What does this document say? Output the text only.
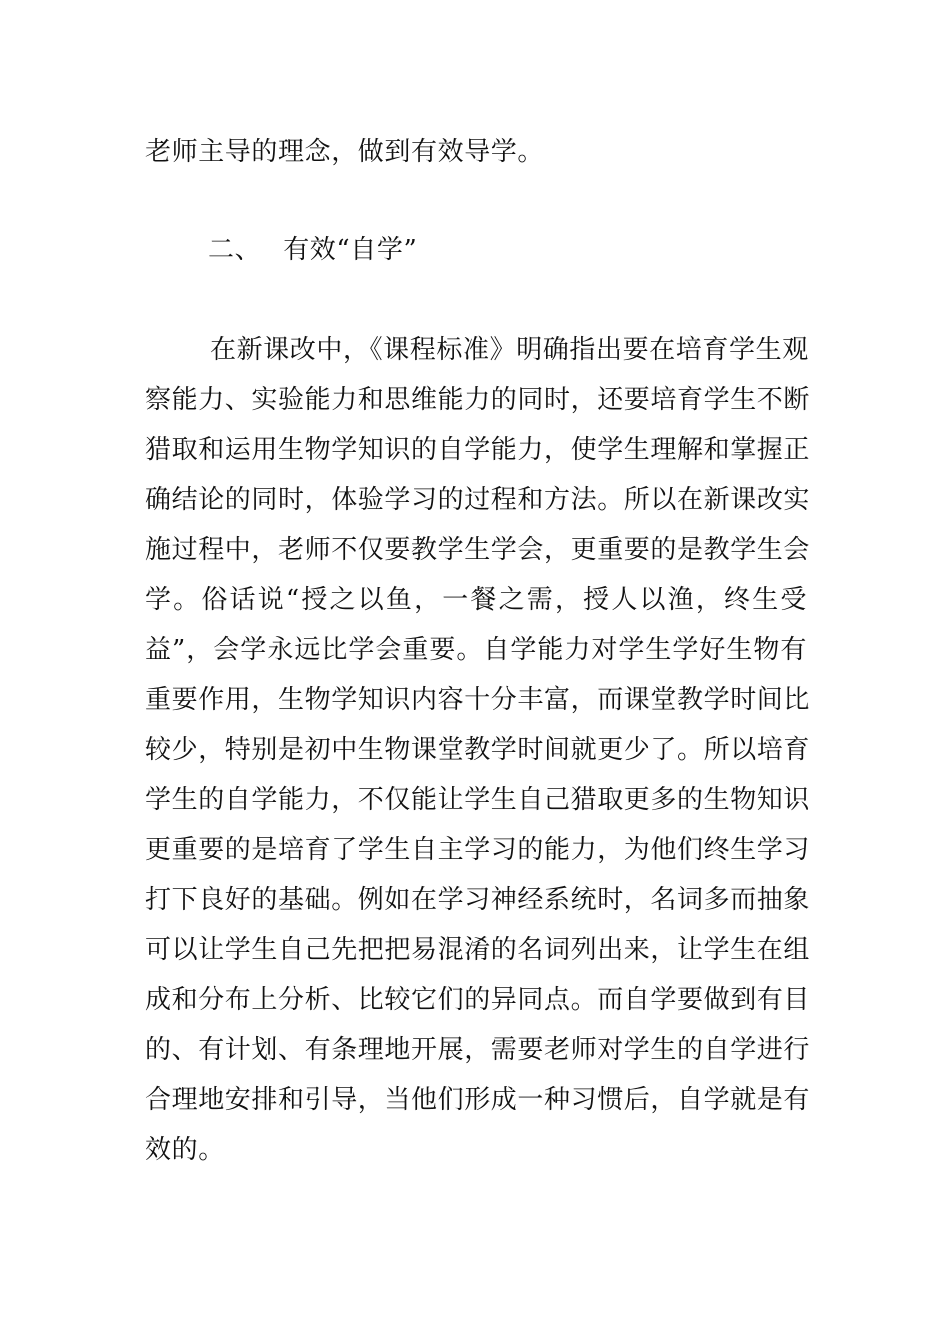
老师主导的理念，做到有效导学。
二、 有效“自学”
在新课改中，《课程标准》明确指出要在培育学生观
察能力、实验能力和思维能力的同时，还要培育学生不断
猎取和运用生物学知识的自学能力，使学生理解和掌握正
确结论的同时，体验学习的过程和方法。所以在新课改实
施过程中，老师不仅要教学生学会，更重要的是教学生会
学。俗话说“授之以鱼，一餐之需，授人以渔，终生受
益”，会学永远比学会重要。自学能力对学生学好生物有
重要作用，生物学知识内容十分丰富，而课堂教学时间比
较少，特别是初中生物课堂教学时间就更少了。所以培育
学生的自学能力，不仅能让学生自己猎取更多的生物知识
更重要的是培育了学生自主学习的能力，为他们终生学习
打下良好的基础。例如在学习神经系统时，名词多而抽象
可以让学生自己先把把易混淆的名词列出来，让学生在组
成和分布上分析、比较它们的异同点。而自学要做到有目
的、有计划、有条理地开展，需要老师对学生的自学进行
合理地安排和引导，当他们形成一种习惯后，自学就是有
效的。
